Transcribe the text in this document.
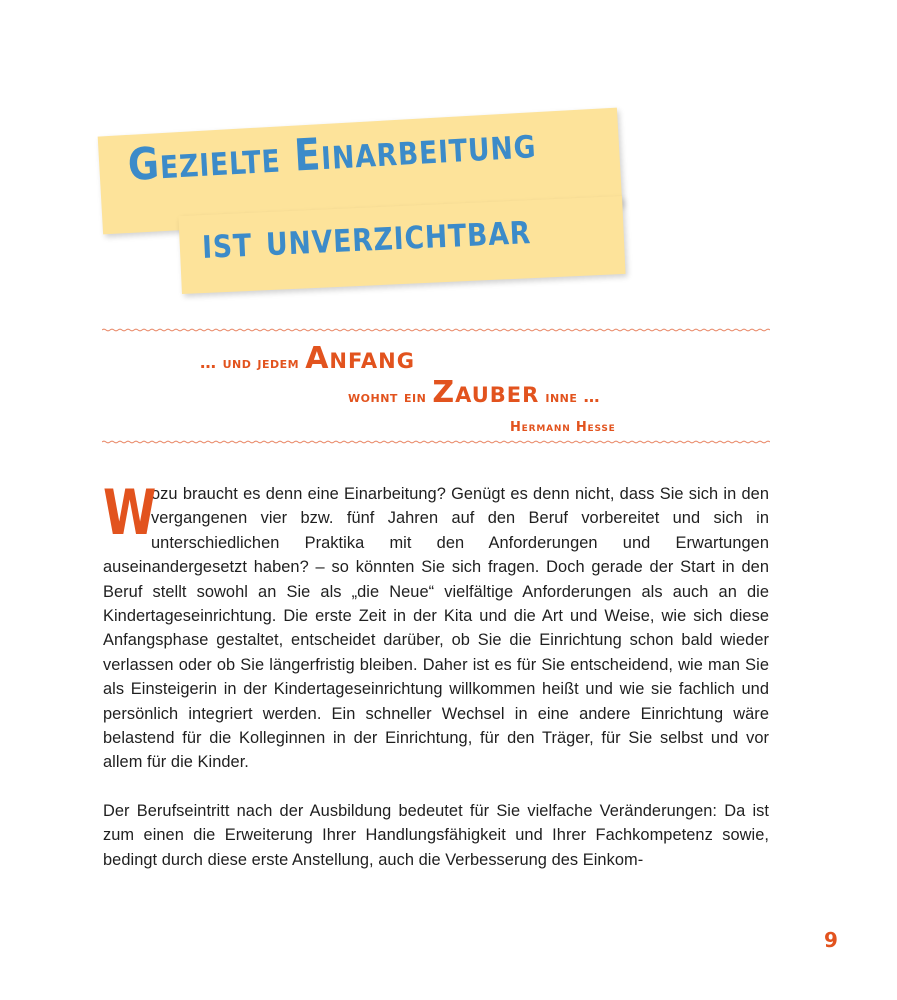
Gezielte Einarbeitung
ist unverzichtbar

… und jedem Anfang

wohnt ein Zauber inne …

Hermann Hesse

W
ozu braucht es denn eine Einarbeitung? Genügt es denn nicht, dass Sie sich in den vergangenen vier bzw. fünf Jahren auf den Beruf vorbereitet und sich in unterschiedlichen Praktika mit den Anforderungen und Erwartungen auseinandergesetzt haben? – so könnten Sie sich fragen. Doch gerade der Start in den Beruf stellt sowohl an Sie als „die Neue“ vielfältige Anforderungen als auch an die Kindertageseinrichtung. Die erste Zeit in der Kita und die Art und Weise, wie sich diese Anfangsphase gestaltet, entscheidet darüber, ob Sie die Einrichtung schon bald wieder verlassen oder ob Sie längerfristig bleiben. Daher ist es für Sie entscheidend, wie man Sie als Einsteigerin in der Kindertageseinrichtung willkommen heißt und wie sie fachlich und persönlich integriert werden. Ein schneller Wechsel in eine andere Einrichtung wäre belastend für die Kolleginnen in der Einrichtung, für den Träger, für Sie selbst und vor allem für die Kinder.

Der Berufseintritt nach der Ausbildung bedeutet für Sie vielfache Veränderungen: Da ist zum einen die Erweiterung Ihrer Handlungsfähigkeit und Ihrer Fachkompetenz sowie, bedingt durch diese erste Anstellung, auch die Verbesserung des Einkom-

9
